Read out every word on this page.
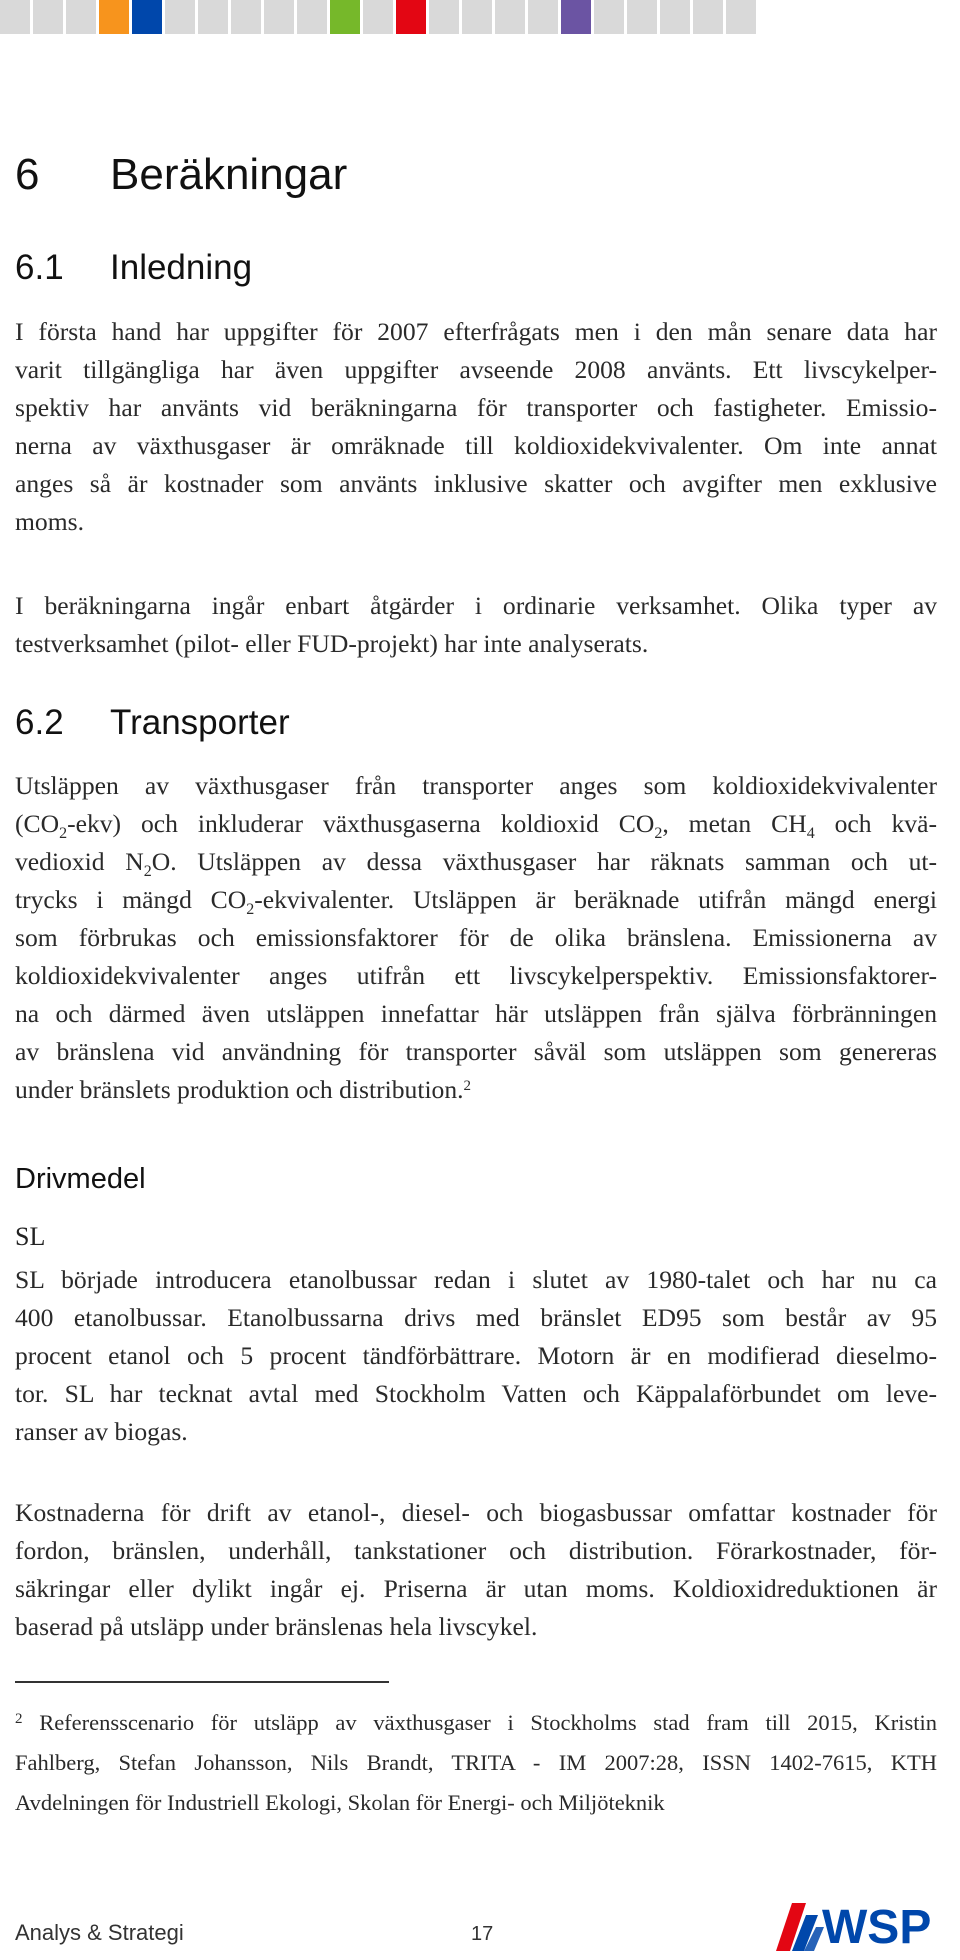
6 Beräkningar
6.1 Inledning
I första hand har uppgifter för 2007 efterfrågats men i den mån senare data har
varit tillgängliga har även uppgifter avseende 2008 använts. Ett livscykelper-
spektiv har använts vid beräkningarna för transporter och fastigheter. Emissio-
nerna av växthusgaser är omräknade till koldioxidekvivalenter. Om inte annat
anges så är kostnader som använts inklusive skatter och avgifter men exklusive
moms.
I beräkningarna ingår enbart åtgärder i ordinarie verksamhet. Olika typer av
testverksamhet (pilot- eller FUD-projekt) har inte analyserats.
6.2 Transporter
Utsläppen av växthusgaser från transporter anges som koldioxidekvivalenter
$(CO_2-ekv)$ och inkluderar växthusgaserna koldioxid $CO_2$, metan $CH_4$ och kvä-
vedioxid $N_2O$. Utsläppen av dessa växthusgaser har räknats samman och ut-
trycks i mängd $CO_2$-ekvivalenter. Utsläppen är beräknade utifrån mängd energi
som förbrukas och emissionsfaktorer för de olika bränslena. Emissionerna av
koldioxidekvivalenter anges utifrån ett livscykelperspektiv. Emissionsfaktorer-
na och därmed även utsläppen innefattar här utsläppen från själva förbränningen
av bränslena vid användning för transporter såväl som utsläppen som genereras
under bränslets produktion och distribution.$^2$
Drivmedel
SL
SL började introducera etanolbussar redan i slutet av 1980-talet och har nu ca
400 etanolbussar. Etanolbussarna drivs med bränslet ED95 som består av 95
procent etanol och 5 procent tändförbättrare. Motorn är en modifierad dieselmo-
tor. SL har tecknat avtal med Stockholm Vatten och Käppalaförbundet om leve-
ranser av biogas.
Kostnaderna för drift av etanol-, diesel- och biogasbussar omfattar kostnader för
fordon, bränslen, underhåll, tankstationer och distribution. Förarkostnader, för-
säkringar eller dylikt ingår ej. Priserna är utan moms. Koldioxidreduktionen är
baserad på utsläpp under bränslenas hela livscykel.
$^2$ Referensscenario för utsläpp av växthusgaser i Stockholms stad fram till 2015, Kristin
Fahlberg, Stefan Johansson, Nils Brandt, TRITA - IM 2007:28, ISSN 1402-7615, KTH
Avdelningen för Industriell Ekologi, Skolan för Energi- och Miljöteknik
Analys & Strategi	17	WSP
